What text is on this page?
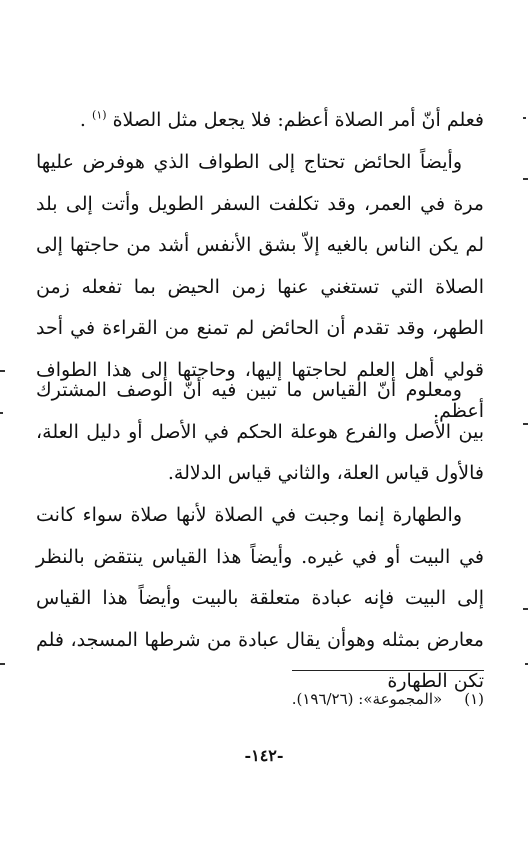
فعلم أنّ أمر الصلاة أعظم: فلا يجعل مثل الصلاة $^{(١)}$ .

وأيضاً الحائض تحتاج إلى الطواف الذي هوفرض عليها مرة في العمر، وقد تكلفت السفر الطويل وأتت إلى بلد لم يكن الناس بالغيه إلاّ بشق الأنفس أشد من حاجتها إلى الصلاة التي تستغني عنها زمن الحيض بما تفعله زمن الطهر، وقد تقدم أن الحائض لم تمنع من القراءة في أحد قولي أهل العلم لحاجتها إليها، وحاجتها إلى هذا الطواف أعظم.

ومعلوم أنّ القياس ما تبين فيه أنّ الوصف المشترك بين الأصل والفرع هوعلة الحكم في الأصل أو دليل العلة، فالأول قياس العلة، والثاني قياس الدلالة.

والطهارة إنما وجبت في الصلاة لأنها صلاة سواء كانت في البيت أو في غيره. وأيضاً هذا القياس ينتقض بالنظر إلى البيت فإنه عبادة متعلقة بالبيت وأيضاً هذا القياس معارض بمثله وهوأن يقال عبادة من شرطها المسجد، فلم تكن الطهارة

(١)«المجموعة»: (١٩٦/٢٦).

-١٤٢-
